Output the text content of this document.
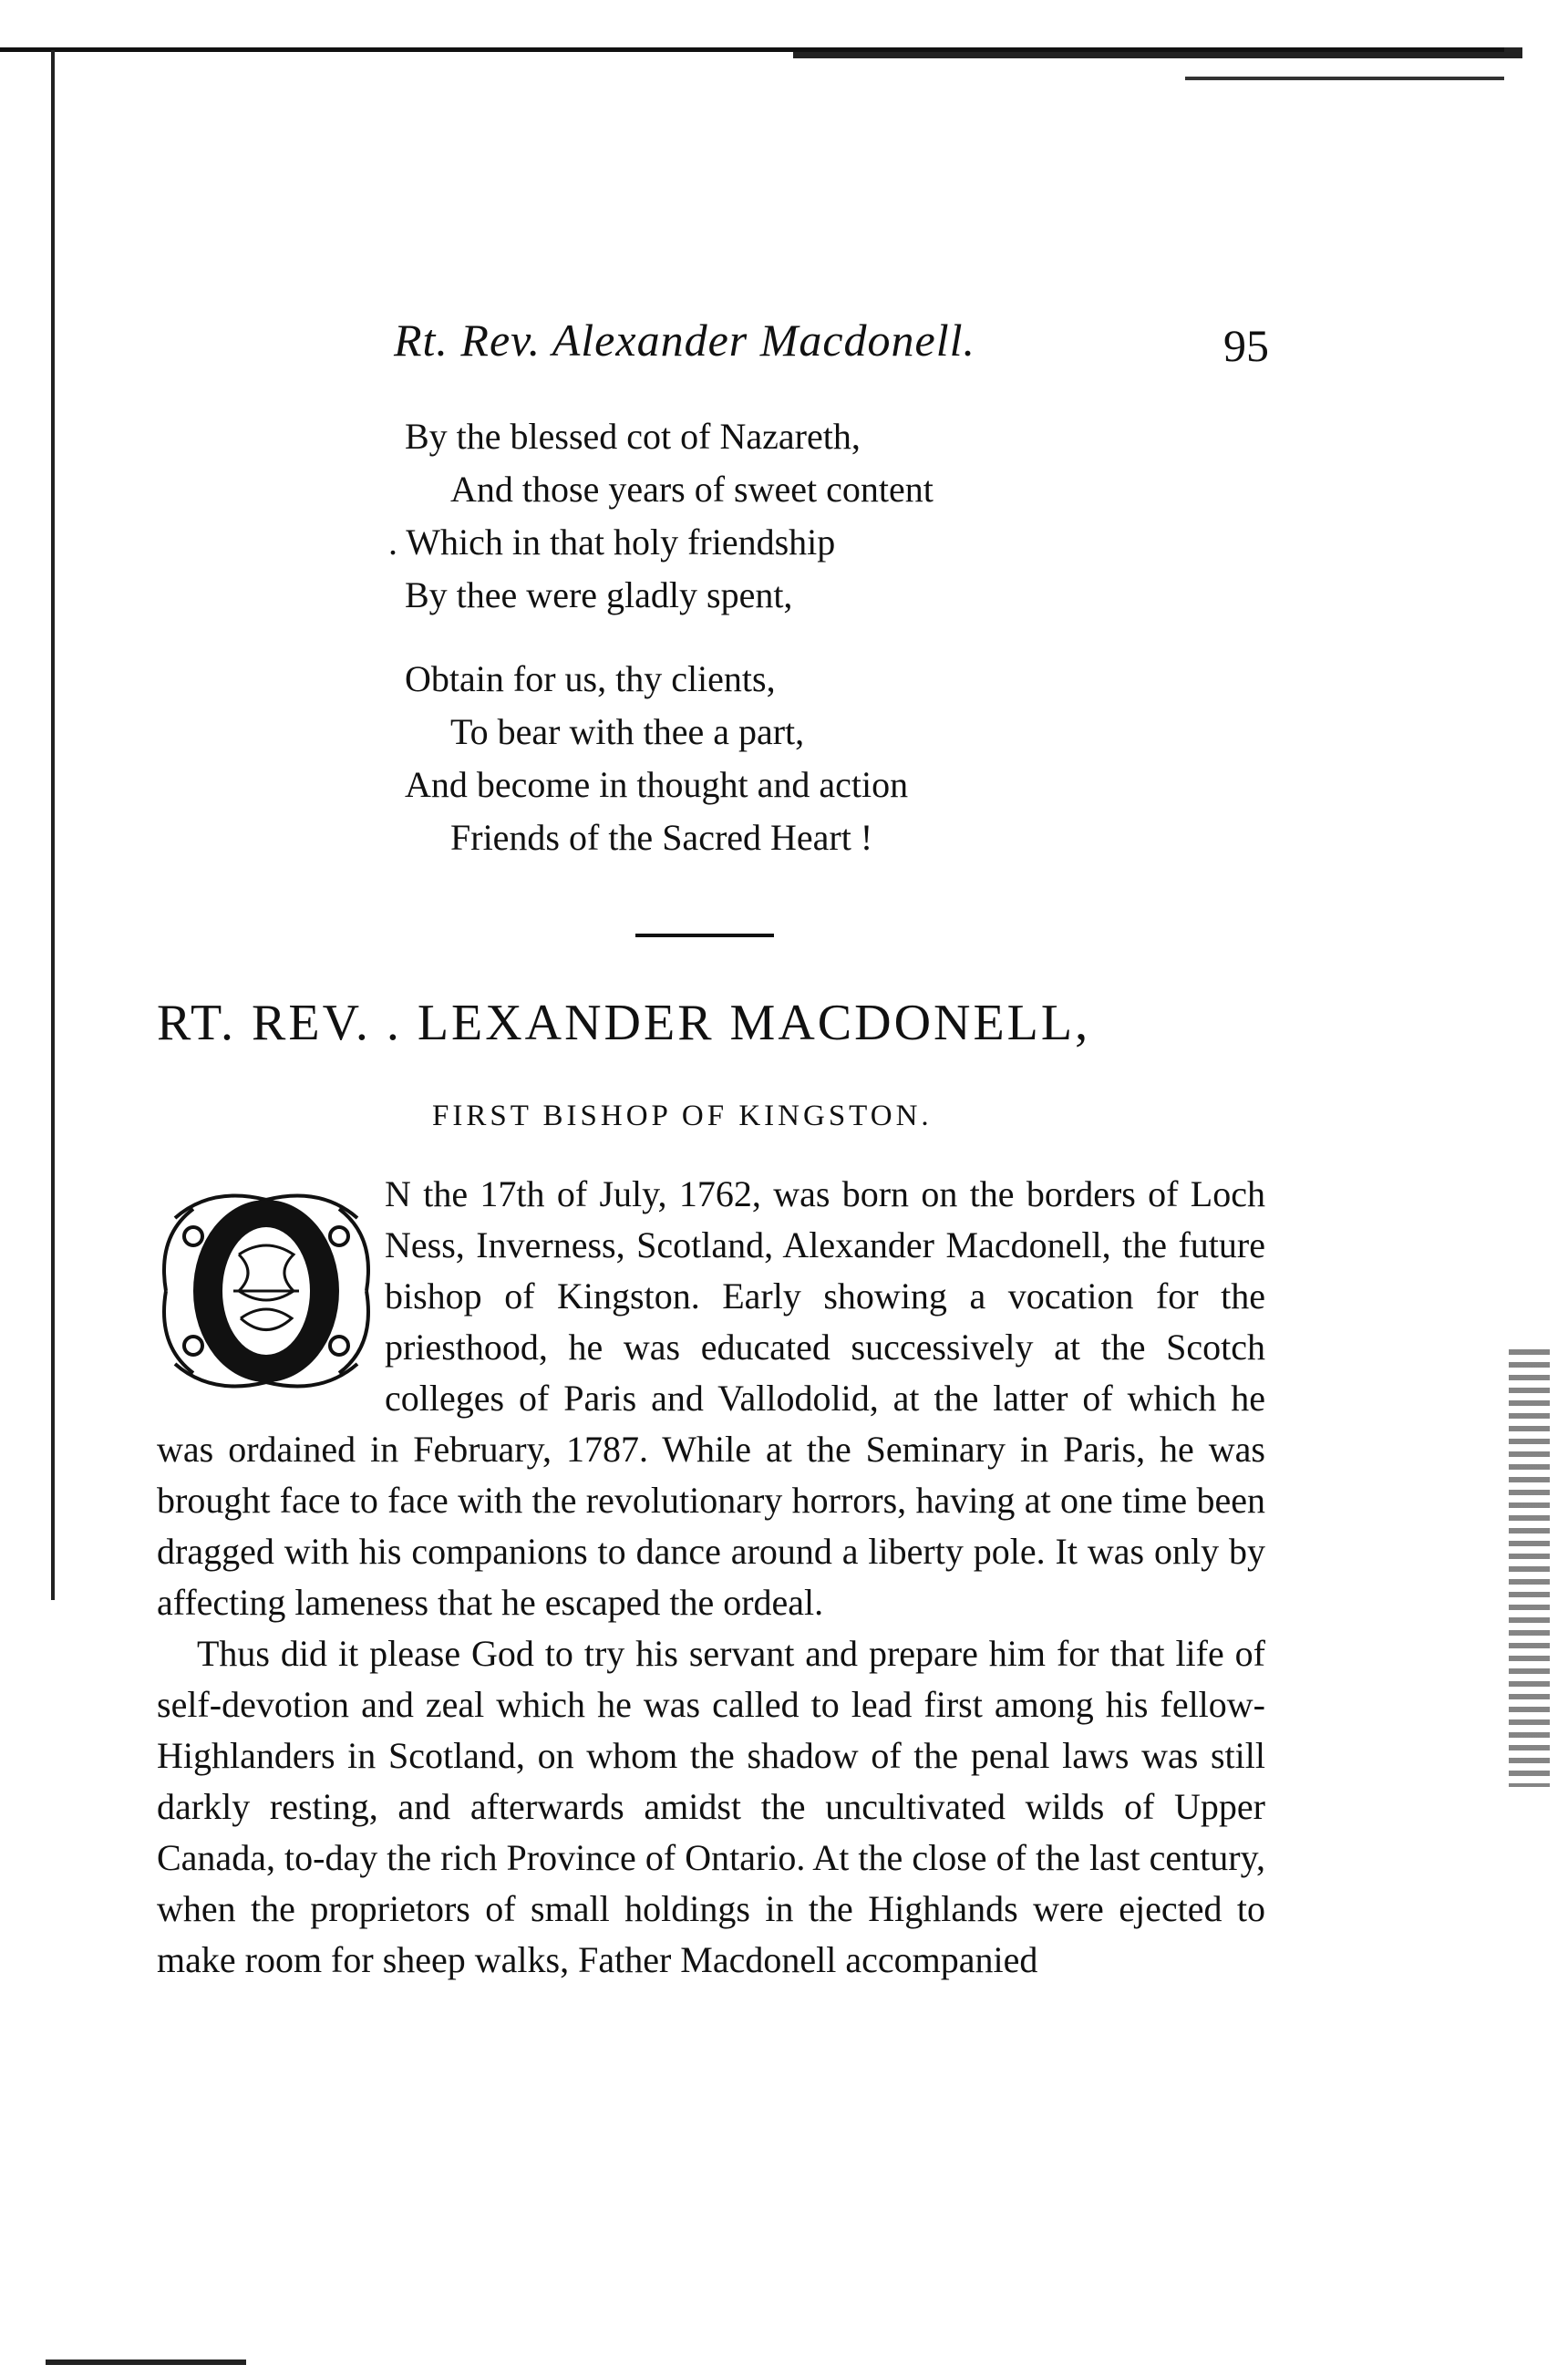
Rt. Rev. Alexander Macdonell.	95
By the blessed cot of Nazareth,
And those years of sweet content
. Which in that holy friendship
By thee were gladly spent,
Obtain for us, thy clients,
To bear with thee a part,
And become in thought and action
Friends of the Sacred Heart !
RT. REV. . LEXANDER MACDONELL,
FIRST BISHOP OF KINGSTON.

N the 17th of July, 1762, was born on the borders of Loch Ness, Inverness, Scotland, Alexander Macdonell, the future bishop of Kingston. Early showing a vocation for the priesthood, he was educated successively at the Scotch colleges of Paris and Vallodolid, at the latter of which he was ordained in February, 1787. While at the Seminary in Paris, he was brought face to face with the revolutionary horrors, having at one time been dragged with his companions to dance around a liberty pole. It was only by affecting lameness that he escaped the ordeal.

Thus did it please God to try his servant and prepare him for that life of self-devotion and zeal which he was called to lead first among his fellow-Highlanders in Scotland, on whom the shadow of the penal laws was still darkly resting, and afterwards amidst the uncultivated wilds of Upper Canada, to-day the rich Province of Ontario. At the close of the last century, when the proprietors of small holdings in the Highlands were ejected to make room for sheep walks, Father Macdonell accompanied
